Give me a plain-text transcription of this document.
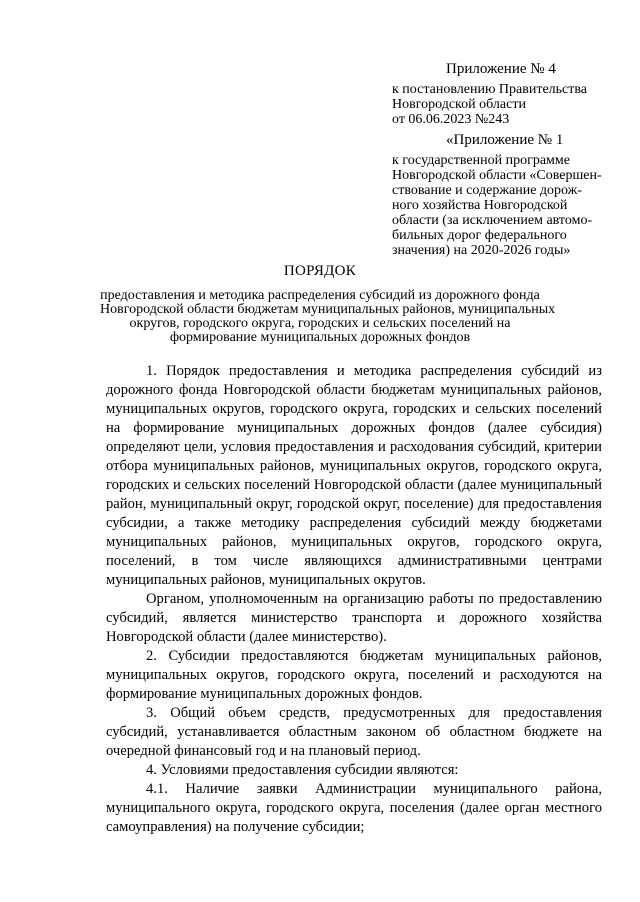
Приложение № 4
к постановлению Правительства
Новгородской области
от 06.06.2023 №243
«Приложение № 1
к государственной программе
Новгородской области «Совершен-
ствование и содержание дорож-
ного хозяйства Новгородской
области (за исключением автомо-
бильных дорог федерального
значения) на 2020-2026 годы»
ПОРЯДОК
предоставления и методика распределения субсидий из дорожного фонда
Новгородской области бюджетам муниципальных районов, муниципальных
округов, городского округа, городских и сельских поселений на
формирование муниципальных дорожных фондов

1. Порядок предоставления и методика распределения субсидий из дорожного фонда Новгородской области бюджетам муниципальных районов, муниципальных округов, городского округа, городских и сельских поселений на формирование муниципальных дорожных фондов (далее субсидия) определяют цели, условия предоставления и расходования субсидий, критерии отбора муниципальных районов, муниципальных округов, городского округа, городских и сельских поселений Новгородской области (далее муниципальный район, муниципальный округ, городской округ, поселение) для предоставления субсидии, а также методику распределения субсидий между бюджетами муниципальных районов, муниципальных округов, городского округа, поселений, в том числе являющихся административными центрами муниципальных районов, муниципальных округов.

Органом, уполномоченным на организацию работы по предоставлению субсидий, является министерство транспорта и дорожного хозяйства Новгородской области (далее министерство).

2. Субсидии предоставляются бюджетам муниципальных районов, муниципальных округов, городского округа, поселений и расходуются на формирование муниципальных дорожных фондов.

3. Общий объем средств, предусмотренных для предоставления субсидий, устанавливается областным законом об областном бюджете на очередной финансовый год и на плановый период.

4. Условиями предоставления субсидии являются:

4.1. Наличие заявки Администрации муниципального района, муниципального округа, городского округа, поселения (далее орган местного самоуправления) на получение субсидии;
